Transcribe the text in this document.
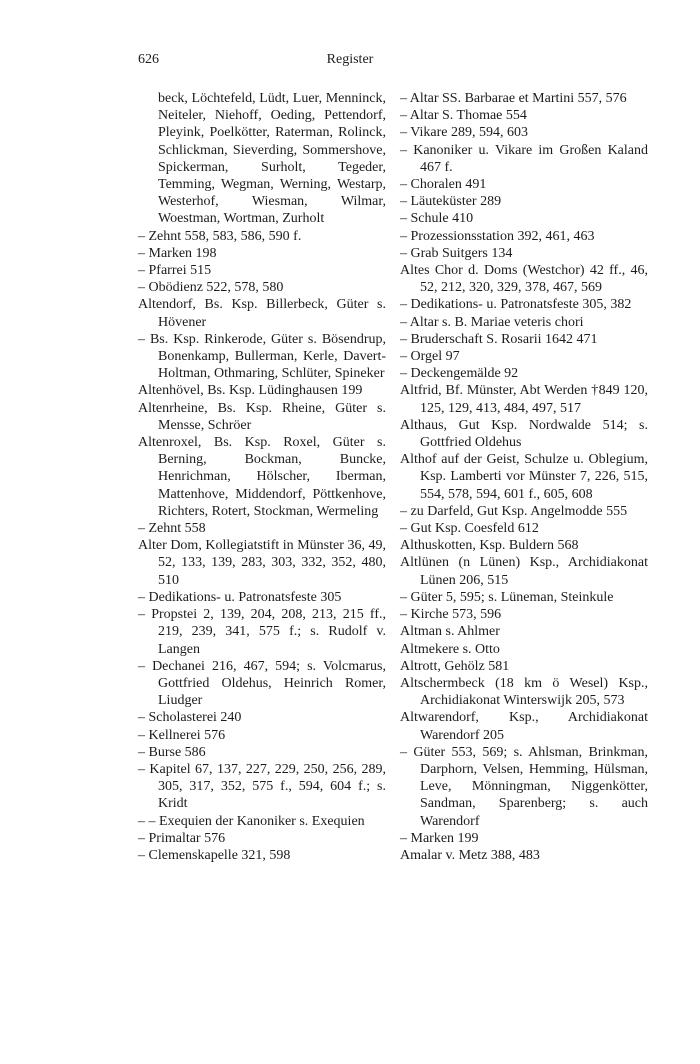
626	Register
beck, Löchtefeld, Lüdt, Luer, Menninck, Neiteler, Niehoff, Oeding, Pettendorf, Pleyink, Poelkötter, Raterman, Rolinck, Schlickman, Sieverding, Sommershove, Spickerman, Surholt, Tegeder, Temming, Wegman, Werning, Westarp, Westerhof, Wiesman, Wilmar, Woestman, Wortman, Zurholt
– Zehnt 558, 583, 586, 590 f.
– Marken 198
– Pfarrei 515
– Obödienz 522, 578, 580
Altendorf, Bs. Ksp. Billerbeck, Güter s. Hövener
– Bs. Ksp. Rinkerode, Güter s. Bösendrup, Bonenkamp, Bullerman, Kerle, Davert-Holtman, Othmaring, Schlüter, Spineker
Altenhövel, Bs. Ksp. Lüdinghausen 199
Altenrheine, Bs. Ksp. Rheine, Güter s. Mensse, Schröer
Altenroxel, Bs. Ksp. Roxel, Güter s. Berning, Bockman, Buncke, Henrichman, Hölscher, Iberman, Mattenhove, Middendorf, Pöttkenhove, Richters, Rotert, Stockman, Wermeling
– Zehnt 558
Alter Dom, Kollegiatstift in Münster 36, 49, 52, 133, 139, 283, 303, 332, 352, 480, 510
– Dedikations- u. Patronatsfeste 305
– Propstei 2, 139, 204, 208, 213, 215 ff., 219, 239, 341, 575 f.; s. Rudolf v. Langen
– Dechanei 216, 467, 594; s. Volcmarus, Gottfried Oldehus, Heinrich Romer, Liudger
– Scholasterei 240
– Kellnerei 576
– Burse 586
– Kapitel 67, 137, 227, 229, 250, 256, 289, 305, 317, 352, 575 f., 594, 604 f.; s. Kridt
– – Exequien der Kanoniker s. Exequien
– Primaltar 576
– Clemenskapelle 321, 598
– Altar SS. Barbarae et Martini 557, 576
– Altar S. Thomae 554
– Vikare 289, 594, 603
– Kanoniker u. Vikare im Großen Kaland 467 f.
– Choralen 491
– Läuteküster 289
– Schule 410
– Prozessionsstation 392, 461, 463
– Grab Suitgers 134
Altes Chor d. Doms (Westchor) 42 ff., 46, 52, 212, 320, 329, 378, 467, 569
– Dedikations- u. Patronatsfeste 305, 382
– Altar s. B. Mariae veteris chori
– Bruderschaft S. Rosarii 1642 471
– Orgel 97
– Deckengemälde 92
Altfrid, Bf. Münster, Abt Werden †849 120, 125, 129, 413, 484, 497, 517
Althaus, Gut Ksp. Nordwalde 514; s. Gottfried Oldehus
Althof auf der Geist, Schulze u. Oblegium, Ksp. Lamberti vor Münster 7, 226, 515, 554, 578, 594, 601 f., 605, 608
– zu Darfeld, Gut Ksp. Angelmodde 555
– Gut Ksp. Coesfeld 612
Althuskotten, Ksp. Buldern 568
Altlünen (n Lünen) Ksp., Archidiakonat Lünen 206, 515
– Güter 5, 595; s. Lüneman, Steinkule
– Kirche 573, 596
Altman s. Ahlmer
Altmekere s. Otto
Altrott, Gehölz 581
Altschermbeck (18 km ö Wesel) Ksp., Archidiakonat Winterswijk 205, 573
Altwarendorf, Ksp., Archidiakonat Warendorf 205
– Güter 553, 569; s. Ahlsman, Brinkman, Darphorn, Velsen, Hemming, Hülsman, Leve, Mönningman, Niggenkötter, Sandman, Sparenberg; s. auch Warendorf
– Marken 199
Amalar v. Metz 388, 483
